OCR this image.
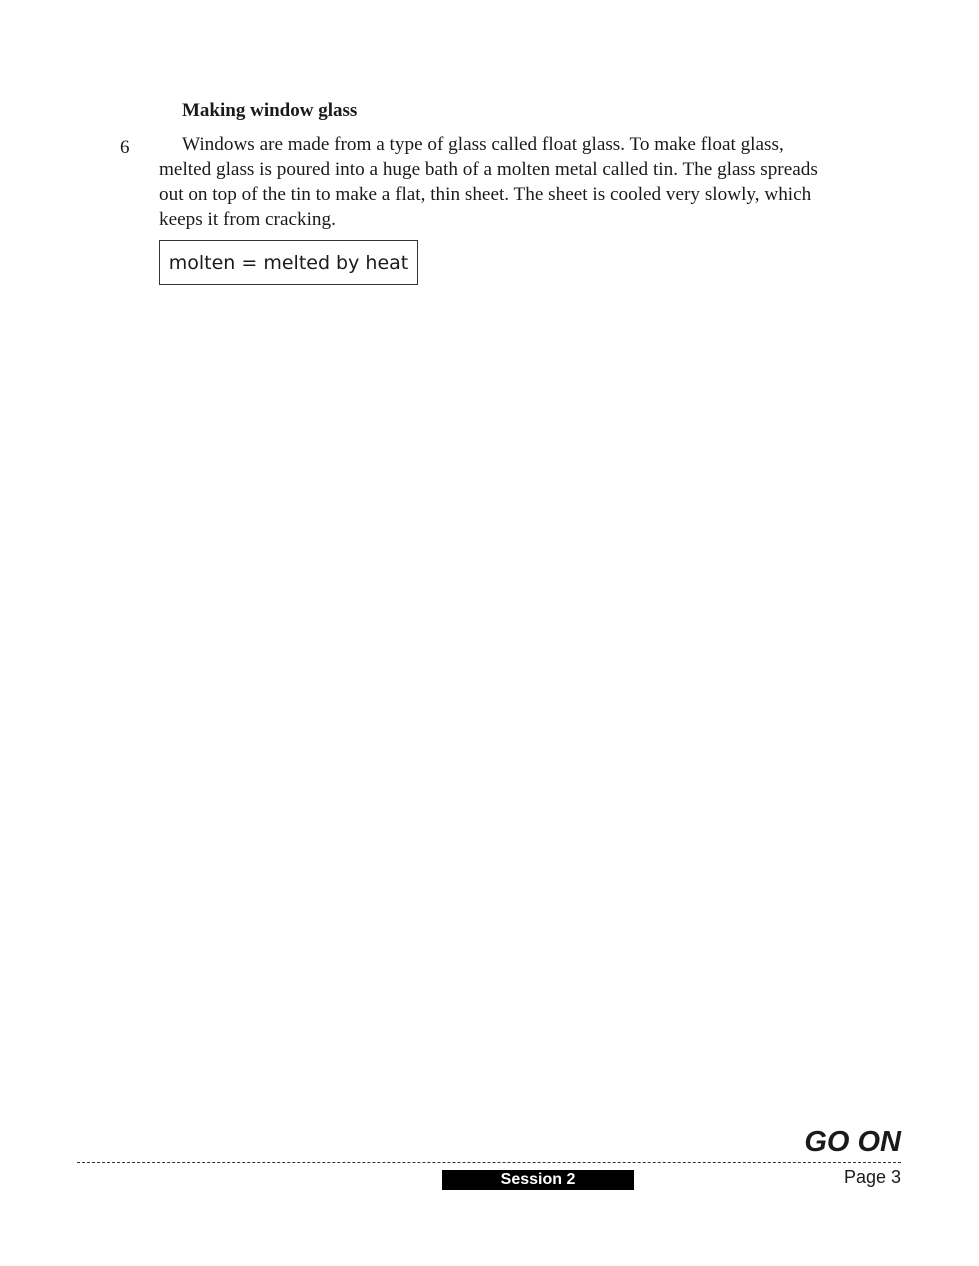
Making window glass
6	Windows are made from a type of glass called float glass. To make float glass, melted glass is poured into a huge bath of a molten metal called tin. The glass spreads out on top of the tin to make a flat, thin sheet. The sheet is cooled very slowly, which keeps it from cracking.

molten = melted by heat
GO ON
Session 2	Page 3
